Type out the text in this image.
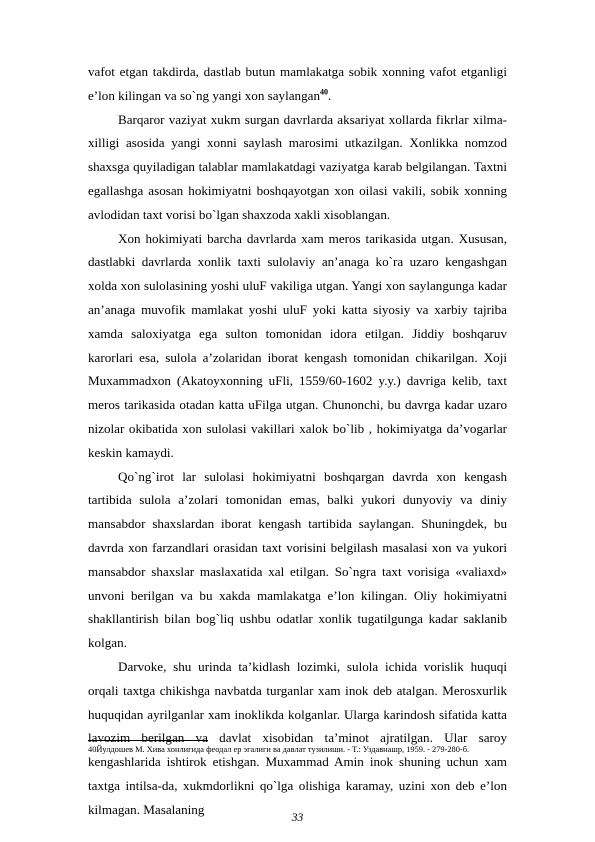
vafot etgan takdirda, dastlab butun mamlakatga sobik xonning vafot etganligi e’lon kilingan va so`ng yangi xon saylangan$^{40}$.

Barqaror vaziyat xukm surgan davrlarda aksariyat xollarda fikrlar xilma-xilligi asosida yangi xonni saylash marosimi utkazilgan. Xonlikka nomzod shaxsga quyiladigan talablar mamlakatdagi vaziyatga karab belgilangan. Taxtni egallashga asosan hokimiyatni boshqayotgan xon oilasi vakili, sobik xonning avlodidan taxt vorisi bo`lgan shaxzoda xakli xisoblangan.

Xon hokimiyati barcha davrlarda xam meros tarikasida utgan. Xususan, dastlabki davrlarda xonlik taxti sulolaviy an’anaga ko`ra uzaro kengashgan xolda xon sulolasining yoshi uluF vakiliga utgan. Yangi xon saylangunga kadar an’anaga muvofik mamlakat yoshi uluF yoki katta siyosiy va xarbiy tajriba xamda saloxiyatga ega sulton tomonidan idora etilgan. Jiddiy boshqaruv karorlari esa, sulola a’zolaridan iborat kengash tomonidan chikarilgan. Xoji Muxammadxon (Akatoyxonning uFli, 1559/60-1602 y.y.) davriga kelib, taxt meros tarikasida otadan katta uFilga utgan. Chunonchi, bu davrga kadar uzaro nizolar okibatida xon sulolasi vakillari xalok bo`lib , hokimiyatga da’vogarlar keskin kamaydi.

Qo`ng`irot lar sulolasi hokimiyatni boshqargan davrda xon kengash tartibida sulola a’zolari tomonidan emas, balki yukori dunyoviy va diniy mansabdor shaxslardan iborat kengash tartibida saylangan. Shuningdek, bu davrda xon farzandlari orasidan taxt vorisini belgilash masalasi xon va yukori mansabdor shaxslar maslaxatida xal etilgan. So`ngra taxt vorisiga «valiaxd» unvoni berilgan va bu xakda mamlakatga e’lon kilingan. Oliy hokimiyatni shakllantirish bilan bog`liq ushbu odatlar xonlik tugatilgunga kadar saklanib kolgan.

Darvoke, shu urinda ta’kidlash lozimki, sulola ichida vorislik huquqi orqali taxtga chikishga navbatda turganlar xam inok deb atalgan. Merosxurlik huquqidan ayrilganlar xam inoklikda kolganlar. Ularga karindosh sifatida katta lavozim berilgan va davlat xisobidan ta’minot ajratilgan. Ular saroy kengashlarida ishtirok etishgan. Muxammad Amin inok shuning uchun xam taxtga intilsa-da, xukmdorlikni qo`lga olishiga karamay, uzini xon deb e’lon kilmagan. Masalaning

40Йулдошев М. Хива хонлигида феодал ер эгалиги ва давлат тузилиши. - Т.: Уздавнашр, 1959. - 279-280-б.
33
